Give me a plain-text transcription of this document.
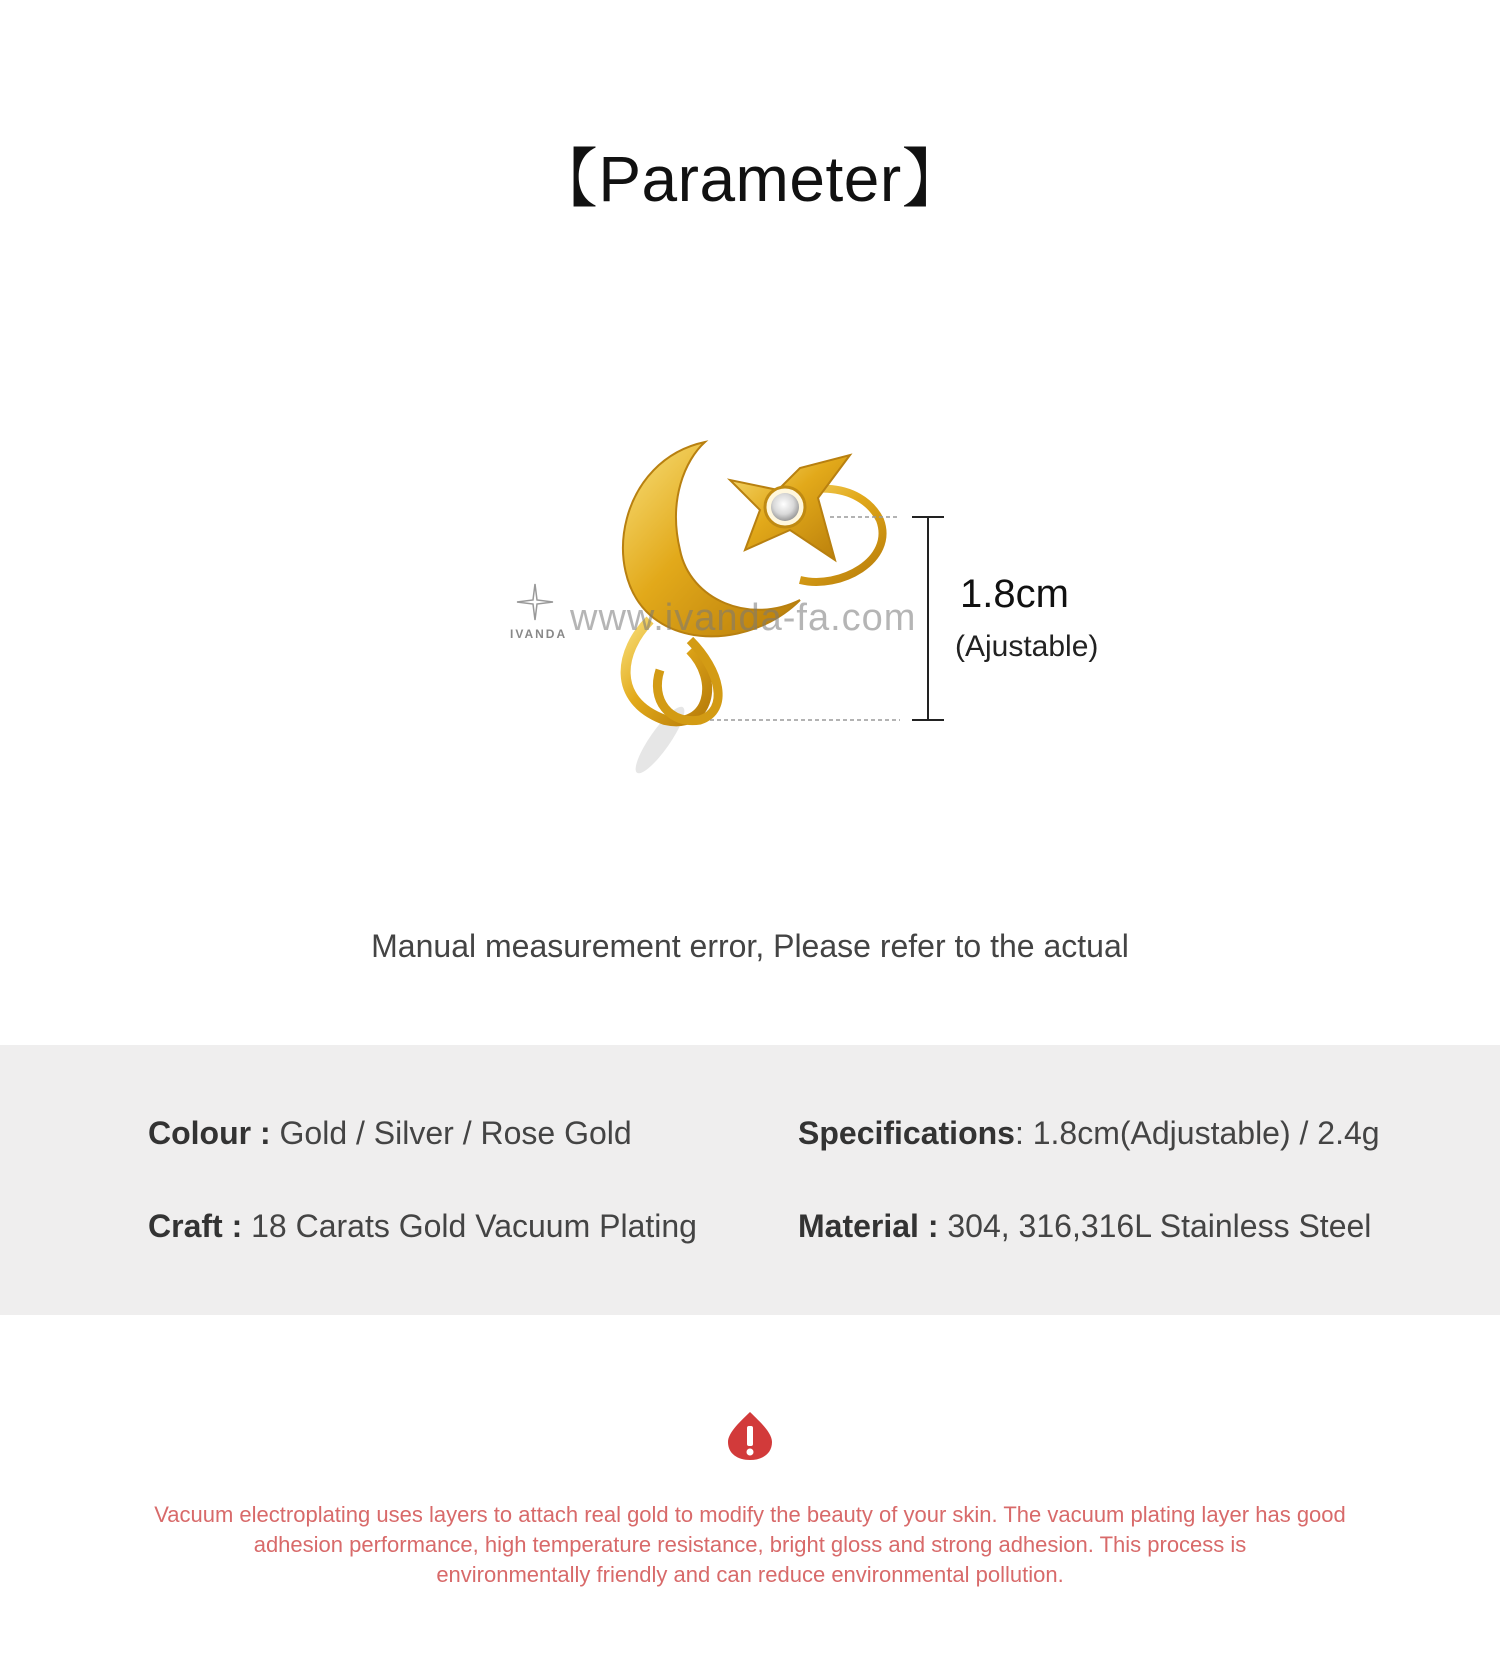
【Parameter】
IVANDA www.ivanda-fa.com
1.8cm
(Ajustable)
Manual measurement error, Please refer to the actual
Colour : Gold / Silver / Rose Gold	Specifications: 1.8cm(Adjustable) / 2.4g
Craft : 18 Carats Gold Vacuum Plating	Material : 304, 316,316L Stainless Steel
Vacuum electroplating uses layers to attach real gold to modify the beauty of your skin. The vacuum plating layer has good
adhesion performance, high temperature resistance, bright gloss and strong adhesion. This process is
environmentally friendly and can reduce environmental pollution.
